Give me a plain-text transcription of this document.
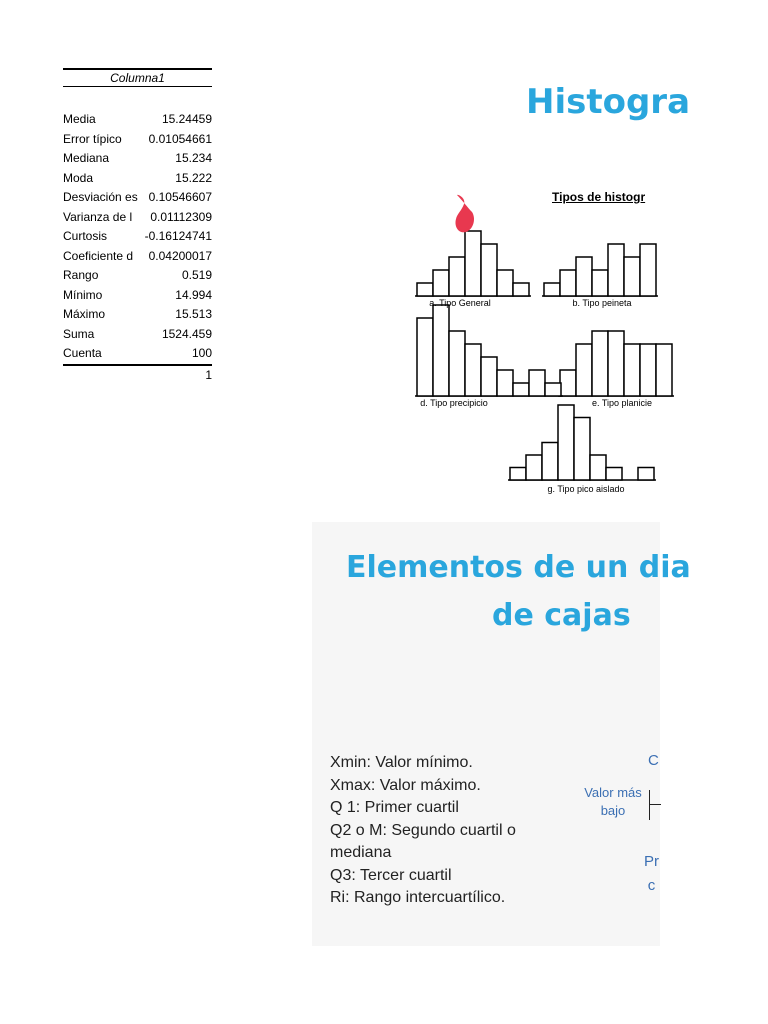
Columna1
Media	15.24459
Error típico	0.01054661
Mediana	15.234
Moda	15.222
Desviación es 0.10546607
Varianza de l	0.01112309
Curtosis	-0.16124741
Coeficiente d	0.04200017
Rango	0.519
Mínimo	14.994
Máximo	15.513
Suma	1524.459
Cuenta	100
1
Histogra
Tipos de histogr
g. Tipo pico aislado
e. Tipo planicie
d. Tipo precipicio
b. Tipo peineta
a. Tipo General
Elementos de un dia
de cajas
Xmin: Valor mínimo.
Xmax: Valor máximo.
Q 1: Primer cuartil
Q2 o M: Segundo cuartil o
mediana
Q3: Tercer cuartil
Ri: Rango intercuartílico.
C
Valor más
bajo
Pr
c
